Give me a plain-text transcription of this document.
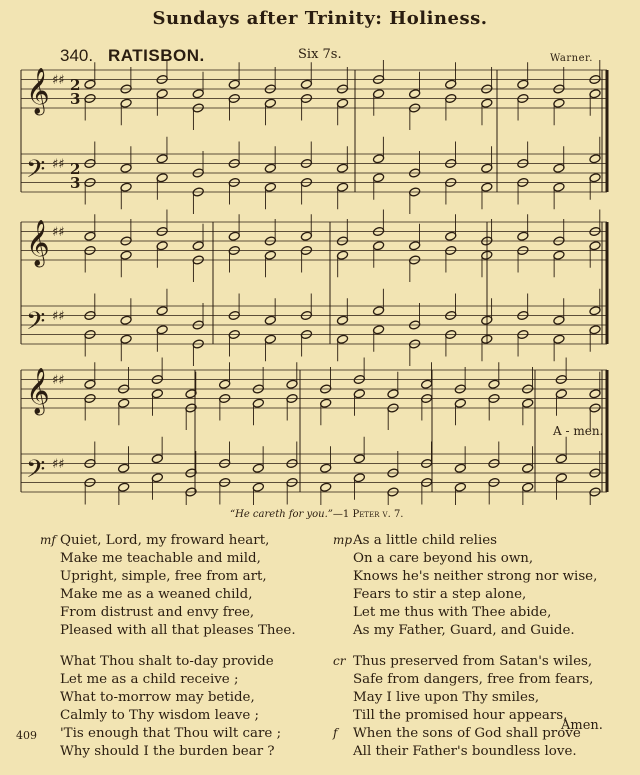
Sundays after Trinity: Holiness.
340. RATISBON.	Six 7s.	Warner.
𝄞 ♯♯
3
2
𝄢 ♯♯
3
2
𝄞 ♯♯
𝄢 ♯♯
𝄞 ♯♯
𝄢 ♯♯
A - men.
“He careth for you.”—1 Peter v. 7.
mf Quiet, Lord, my froward heart,
Make me teachable and mild,
Upright, simple, free from art,
Make me as a weaned child,
From distrust and envy free,
Pleased with all that pleases Thee.
What Thou shalt to-day provide
Let me as a child receive ;
What to-morrow may betide,
Calmly to Thy wisdom leave ;
'Tis enough that Thou wilt care ;
Why should I the burden bear ?
mp As a little child relies
On a care beyond his own,
Knows he's neither strong nor wise,
Fears to stir a step alone,
Let me thus with Thee abide,
As my Father, Guard, and Guide.
cr Thus preserved from Satan's wiles,
Safe from dangers, free from fears,
May I live upon Thy smiles,
Till the promised hour appears,
f When the sons of God shall prove
All their Father's boundless love.
Amen.
409
